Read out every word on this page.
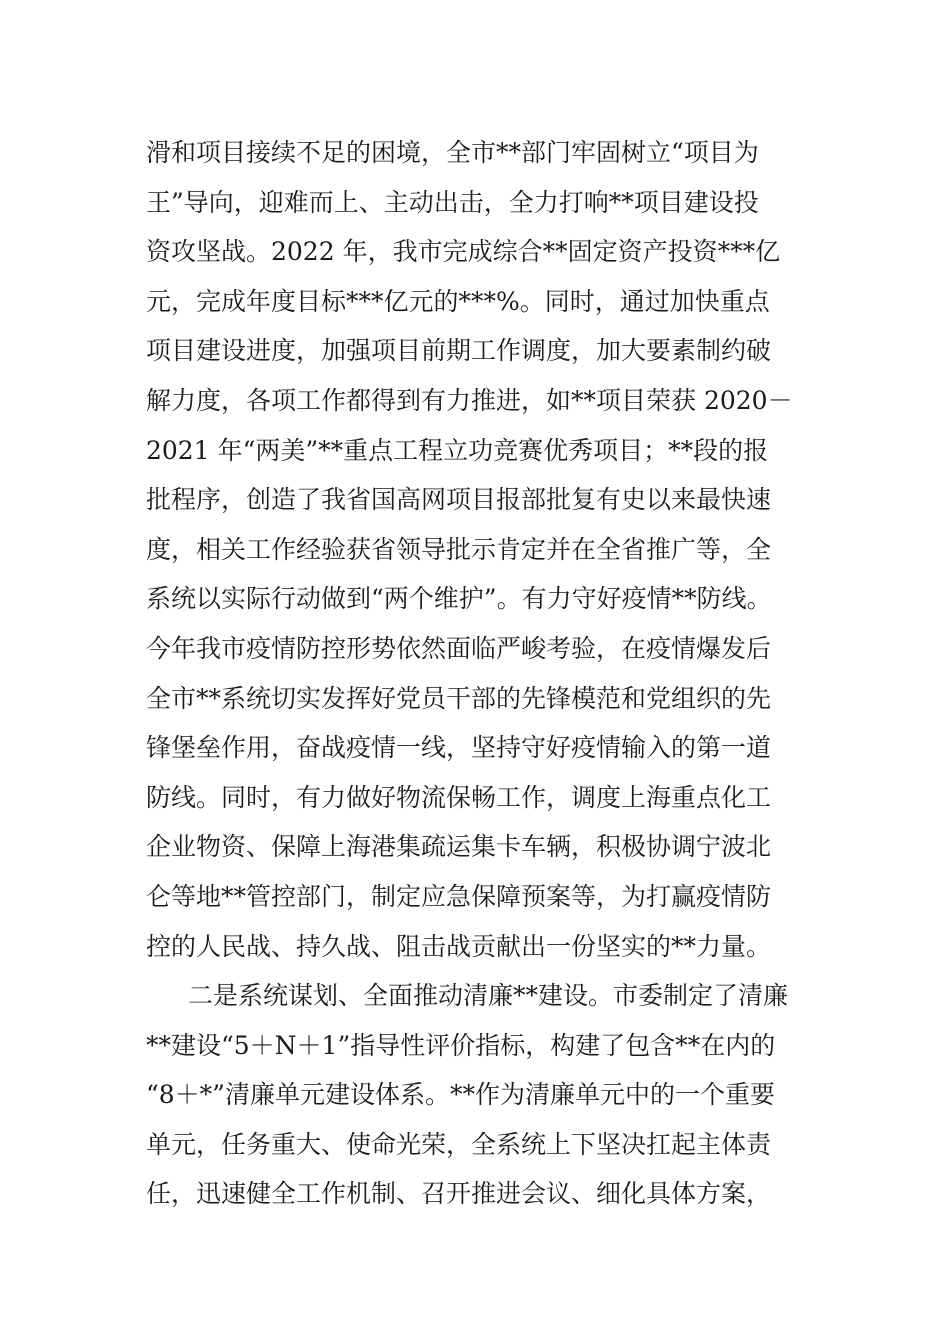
滑和项目接续不足的困境，全市**部门牢固树立“项目为
王”导向，迎难而上、主动出击，全力打响**项目建设投
资攻坚战。2022 年，我市完成综合**固定资产投资***亿
元，完成年度目标***亿元的***%。同时，通过加快重点
项目建设进度，加强项目前期工作调度，加大要素制约破
解力度，各项工作都得到有力推进，如**项目荣获 2020－
2021 年“两美”**重点工程立功竞赛优秀项目；**段的报
批程序，创造了我省国高网项目报部批复有史以来最快速
度，相关工作经验获省领导批示肯定并在全省推广等，全
系统以实际行动做到“两个维护”。有力守好疫情**防线。
今年我市疫情防控形势依然面临严峻考验，在疫情爆发后
全市**系统切实发挥好党员干部的先锋模范和党组织的先
锋堡垒作用，奋战疫情一线，坚持守好疫情输入的第一道
防线。同时，有力做好物流保畅工作，调度上海重点化工
企业物资、保障上海港集疏运集卡车辆，积极协调宁波北
仑等地**管控部门，制定应急保障预案等，为打赢疫情防
控的人民战、持久战、阻击战贡献出一份坚实的**力量。
二是系统谋划、全面推动清廉**建设。市委制定了清廉
**建设“5＋N＋1”指导性评价指标，构建了包含**在内的
“8＋*”清廉单元建设体系。**作为清廉单元中的一个重要
单元，任务重大、使命光荣，全系统上下坚决扛起主体责
任，迅速健全工作机制、召开推进会议、细化具体方案，
